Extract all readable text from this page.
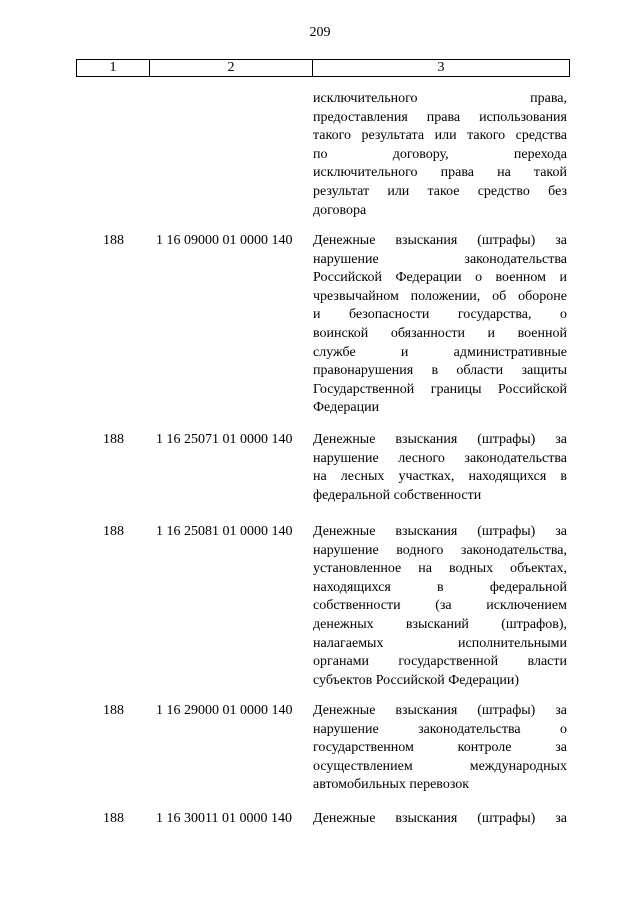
209
1	2	3
исключительного права,
предоставления права использования
такого результата или такого средства
по договору, перехода
исключительного права на такой
результат или такое средство без
договора
188	1 16 09000 01 0000 140	Денежные взыскания (штрафы) за
нарушение законодательства
Российской Федерации о военном и
чрезвычайном положении, об обороне
и безопасности государства, о
воинской обязанности и военной
службе и административные
правонарушения в области защиты
Государственной границы Российской
Федерации
188	1 16 25071 01 0000 140	Денежные взыскания (штрафы) за
нарушение лесного законодательства
на лесных участках, находящихся в
федеральной собственности
188	1 16 25081 01 0000 140	Денежные взыскания (штрафы) за
нарушение водного законодательства,
установленное на водных объектах,
находящихся в федеральной
собственности (за исключением
денежных взысканий (штрафов),
налагаемых исполнительными
органами государственной власти
субъектов Российской Федерации)
188	1 16 29000 01 0000 140	Денежные взыскания (штрафы) за
нарушение законодательства о
государственном контроле за
осуществлением международных
автомобильных перевозок
188	1 16 30011 01 0000 140	Денежные взыскания (штрафы) за
